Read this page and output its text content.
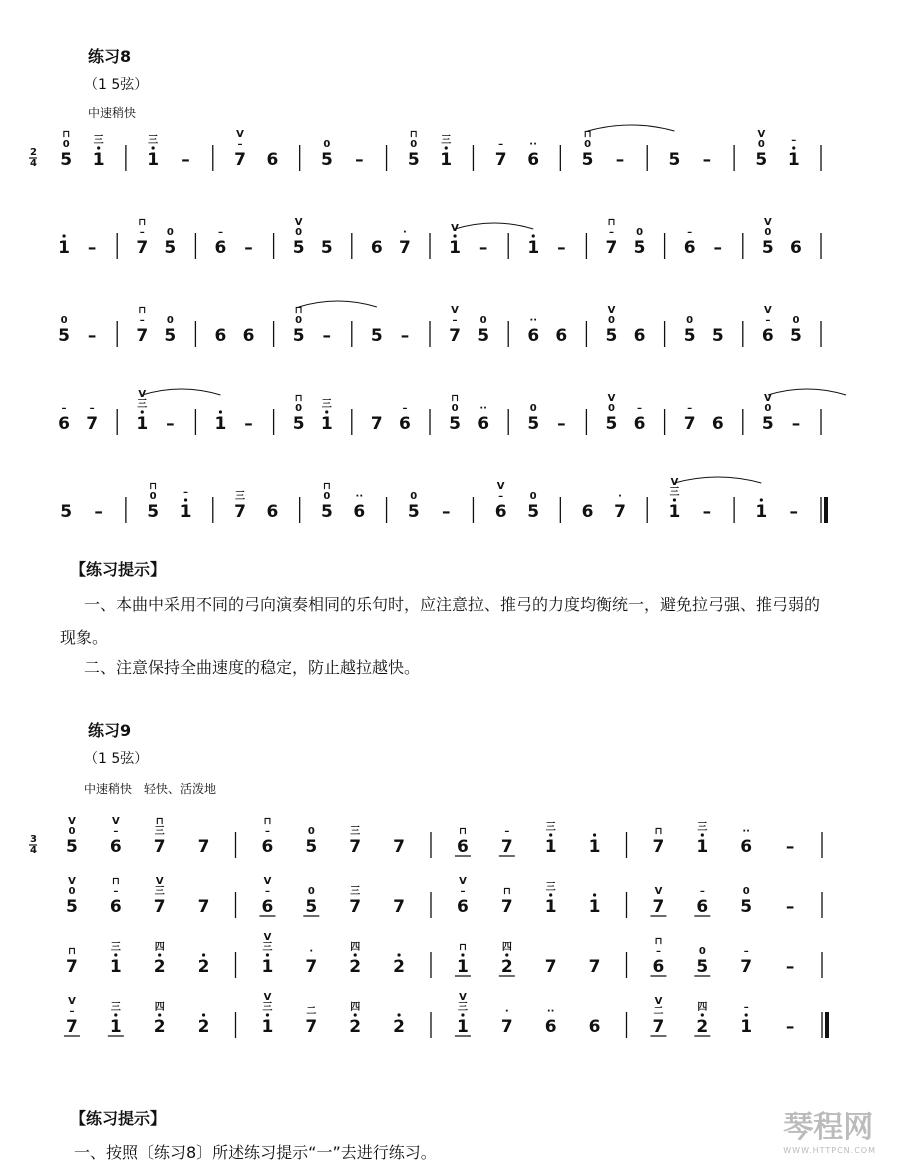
练习8
（1 5弦）
中速稍快
2
4 5
0
⊓
1
三
1
三
–	7
–
V
6	5
0
–	5
0
⊓
1
三
7
–
6
··
5
0
⊓
–	5 –	5
0
V
1
–
1 – 7
–
⊓
5
0
6
–
– 5
0
V
5 6 7
·
1
V
– 1 – 7
–
⊓
5
0
6
–
– 5
0
V
6
5
0
– 7
–
⊓
5
0
6 6 5
0
⊓
– 5 – 7
–
V
5
0
6
··
6 5
0
V
6 5
0
5 6
–
V
5
0
6
–
7
–
1
三
V
– 1 – 5
0
⊓
1
三
7 6
–
5
0
⊓
6
··
5
0
– 5
0
V
6
–
7
–
6 5
0
V
–
5 –	5
0
⊓
1
–
7
三
6	5
0
⊓
6
··
5
0
–	6
–
V
5
0
6 7
·
1
三
V
–	1 –
【练习提示】
一、本曲中采用不同的弓向演奏相同的乐句时，应注意拉、推弓的力度均衡统一，避免拉弓强、推弓弱的现象。
二、注意保持全曲速度的稳定，防止越拉越快。
练习9
（1 5弦）
中速稍快　轻快、活泼地
3
4 5
0
V
6
–
V
7
三
⊓
7	6
–
⊓
5
0
7
三
7	6
⊓
7
–
1
三
1	7
⊓
1
三
6
··
–
5
0
V
6
–
⊓
7
三
V
7	6
–
V
5
0
7
三
7	6
–
V
7
⊓
1
三
1	7
V
6
–
5
0
–
7
⊓
1
三
2
四
2	1
三
V
7
·
2
四
2	1
⊓
2
四
7 7	6
–
⊓
5
0
7
–
–
7
–
V
1
三
2
四
2	1
三
V
7
二
2
四
2	1
三
V
7
·
6
··
6	7
二
V
2
四
1
–
–
【练习提示】
一、按照〔练习8〕所述练习提示“一”去进行练习。
琴程网
WWW.HTTPCN.COM
